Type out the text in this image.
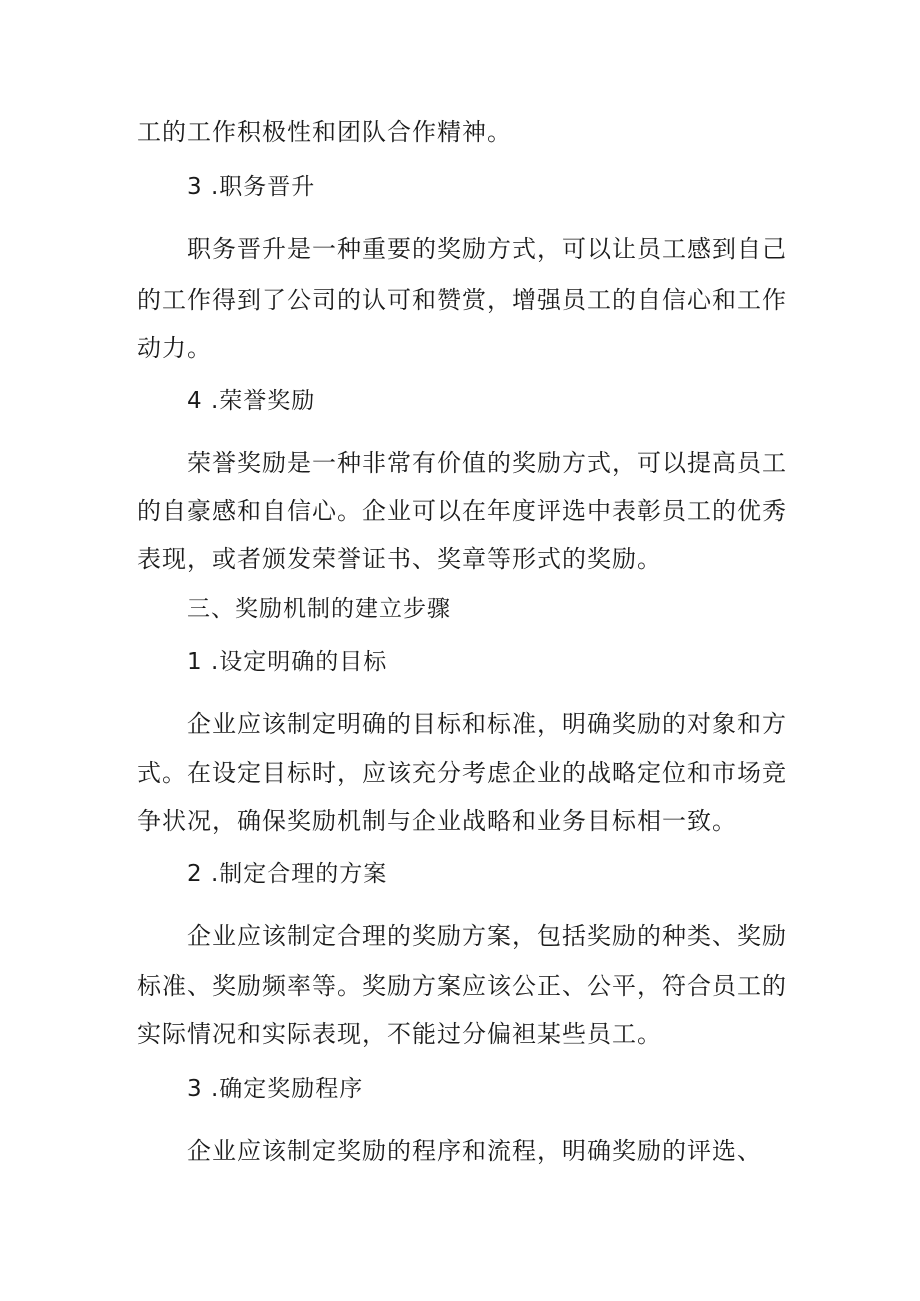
工的工作积极性和团队合作精神。
3 .职务晋升
职务晋升是一种重要的奖励方式，可以让员工感到自己
的工作得到了公司的认可和赞赏，增强员工的自信心和工作
动力。
4 .荣誉奖励
荣誉奖励是一种非常有价值的奖励方式，可以提高员工
的自豪感和自信心。企业可以在年度评选中表彰员工的优秀
表现，或者颁发荣誉证书、奖章等形式的奖励。
三、奖励机制的建立步骤
1 .设定明确的目标
企业应该制定明确的目标和标准，明确奖励的对象和方
式。在设定目标时，应该充分考虑企业的战略定位和市场竞
争状况，确保奖励机制与企业战略和业务目标相一致。
2 .制定合理的方案
企业应该制定合理的奖励方案，包括奖励的种类、奖励
标准、奖励频率等。奖励方案应该公正、公平，符合员工的
实际情况和实际表现，不能过分偏袒某些员工。
3 .确定奖励程序
企业应该制定奖励的程序和流程，明确奖励的评选、
